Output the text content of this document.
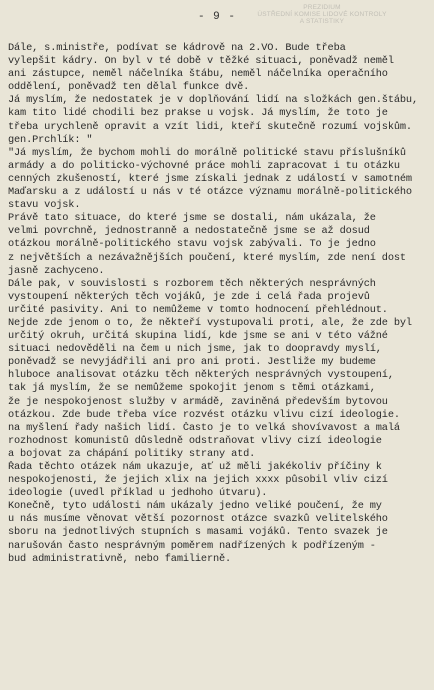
PREZIDIUM
ÚSTŘEDNÍ KOMISE LIDOVÉ KONTROLY
A STATISTIKY
- 9 -
Dále, s.ministře, podívat se kádrově na 2.VO. Bude třeba
vylepšit kádry. On byl v té době v těžké situaci, poněvadž neměl
ani zástupce, neměl náčelníka štábu, neměl náčelníka operačního
oddělení, poněvadž ten dělal funkce dvě.
Já myslím, že nedostatek je v doplňování lidí na složkách gen.štábu,
kam tito lidé chodili bez prakse u vojsk. Já myslím, že toto je
třeba urychleně opravit a vzít lidi, kteří skutečně rozumí vojskům.
gen.Prchlík: "
"Já myslím, že bychom mohli do morálně politické stavu příslušníků
armády a do politicko-výchovné práce mohli zapracovat i tu otázku
cenných zkušeností, které jsme získali jednak z událostí v samotném
Maďarsku a z událostí u nás v té otázce významu morálně-politického
stavu vojsk.
Právě tato situace, do které jsme se dostali, nám ukázala, že
velmi povrchně, jednostranně a nedostatečně jsme se až dosud
otázkou morálně-politického stavu vojsk zabývali. To je jedno
z největších a nezávažnějších poučení, které myslím, zde není dost
jasně zachyceno.
Dále pak, v souvislosti s rozborem těch některých nesprávných
vystoupení některých těch vojáků, je zde i celá řada projevů
určité pasivity. Ani to nemůžeme v tomto hodnocení přehlédnout.
Nejde zde jenom o to, že někteří vystupovali proti, ale, že zde byl
určitý okruh, určitá skupina lidí, kde jsme se ani v této vážné
situaci nedověděli na čem u nich jsme, jak to doopravdy myslí,
poněvadž se nevyjádřili ani pro ani proti. Jestliže my budeme
hluboce analisovat otázku těch některých nesprávných vystoupení,
tak já myslím, že se nemůžeme spokojit jenom s těmi otázkami,
že je nespokojenost služby v armádě, zaviněná především bytovou
otázkou. Zde bude třeba více rozvést otázku vlivu cizí ideologie.
na myšlení řady našich lidí. Často je to velká shovívavost a malá
rozhodnost komunistů důsledně odstraňovat vlivy cizí ideologie
a bojovat za chápání politiky strany atd.
Řada těchto otázek nám ukazuje, ať už měli jakékoliv příčiny k
nespokojenosti, že jejich xlix na jejich xxxx působil vliv cizí
ideologie (uvedl příklad u jedhoho útvaru).
Konečně, tyto události nám ukázaly jedno veliké poučení, že my
u nás musíme věnovat větší pozornost otázce svazků velitelského
sboru na jednotlivých stupních s masami vojáků. Tento svazek je
narušován často nesprávným poměrem nadřízených k podřízeným -
bud administrativně, nebo familierně.
